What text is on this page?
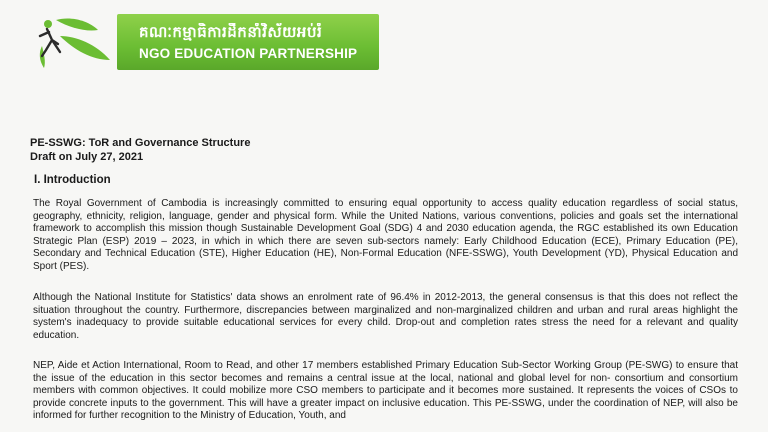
គណៈកម្មាធិការដឹកនាំវិស័យអប់រំ
NGO EDUCATION PARTNERSHIP
PE-SSWG: ToR and Governance Structure
Draft on July 27, 2021
I. Introduction

The Royal Government of Cambodia is increasingly committed to ensuring equal opportunity to access quality education regardless of social status, geography, ethnicity, religion, language, gender and physical form. While the United Nations, various conventions, policies and goals set the international framework to accomplish this mission though Sustainable Development Goal (SDG) 4 and 2030 education agenda, the RGC established its own Education Strategic Plan (ESP) 2019 – 2023, in which in which there are seven sub-sectors namely: Early Childhood Education (ECE), Primary Education (PE), Secondary and Technical Education (STE), Higher Education (HE), Non-Formal Education (NFE-SSWG), Youth Development (YD), Physical Education and Sport (PES).

Although the National Institute for Statistics' data shows an enrolment rate of 96.4% in 2012-2013, the general consensus is that this does not reflect the situation throughout the country. Furthermore, discrepancies between marginalized and non-marginalized children and urban and rural areas highlight the system's inadequacy to provide suitable educational services for every child. Drop-out and completion rates stress the need for a relevant and quality education.

NEP, Aide et Action International, Room to Read, and other 17 members established Primary Education Sub-Sector Working Group (PE-SWG) to ensure that the issue of the education in this sector becomes and remains a central issue at the local, national and global level for non- consortium and consortium members with common objectives. It could mobilize more CSO members to participate and it becomes more sustained. It represents the voices of CSOs to provide concrete inputs to the government. This will have a greater impact on inclusive education. This PE-SSWG, under the coordination of NEP, will also be informed for further recognition to the Ministry of Education, Youth, and
